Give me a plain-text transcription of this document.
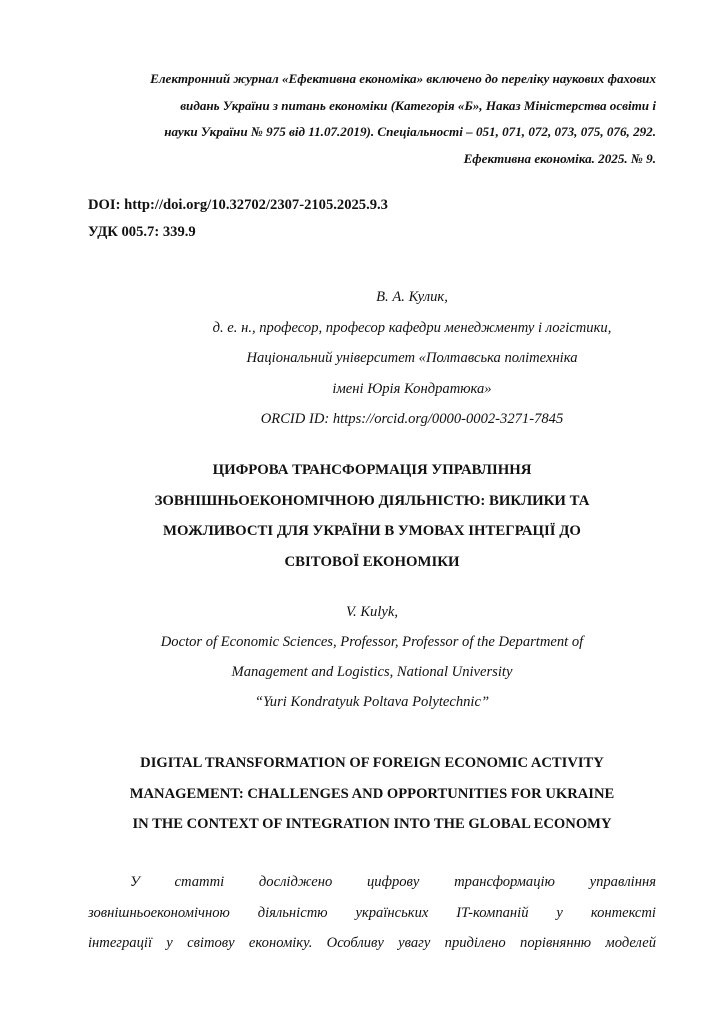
Електронний журнал «Ефективна економіка» включено до переліку наукових фахових
видань України з питань економіки (Категорія «Б», Наказ Міністерства освіти і
науки України № 975 від 11.07.2019). Спеціальності – 051, 071, 072, 073, 075, 076, 292.
Ефективна економіка. 2025. № 9.
DOI: http://doi.org/10.32702/2307-2105.2025.9.3
УДК 005.7: 339.9
В. А. Кулик,
д. е. н., професор, професор кафедри менеджменту і логістики,
Національний університет «Полтавська політехніка
імені Юрія Кондратюка»
ORCID ID: https://orcid.org/0000-0002-3271-7845
ЦИФРОВА ТРАНСФОРМАЦІЯ УПРАВЛІННЯ
ЗОВНІШНЬОЕКОНОМІЧНОЮ ДІЯЛЬНІСТЮ: ВИКЛИКИ ТА
МОЖЛИВОСТІ ДЛЯ УКРАЇНИ В УМОВАХ ІНТЕГРАЦІЇ ДО
СВІТОВОЇ ЕКОНОМІКИ
V. Kulyk,
Doctor of Economic Sciences, Professor, Professor of the Department of
Management and Logistics, National University
“Yuri Kondratyuk Poltava Polytechnic”
DIGITAL TRANSFORMATION OF FOREIGN ECONOMIC ACTIVITY
MANAGEMENT: CHALLENGES AND OPPORTUNITIES FOR UKRAINE
IN THE CONTEXT OF INTEGRATION INTO THE GLOBAL ECONOMY
У статті досліджено цифрову трансформацію управління
зовнішньоекономічною діяльністю українських IT-компаній у контексті
інтеграції у світову економіку. Особливу увагу приділено порівнянню моделей
